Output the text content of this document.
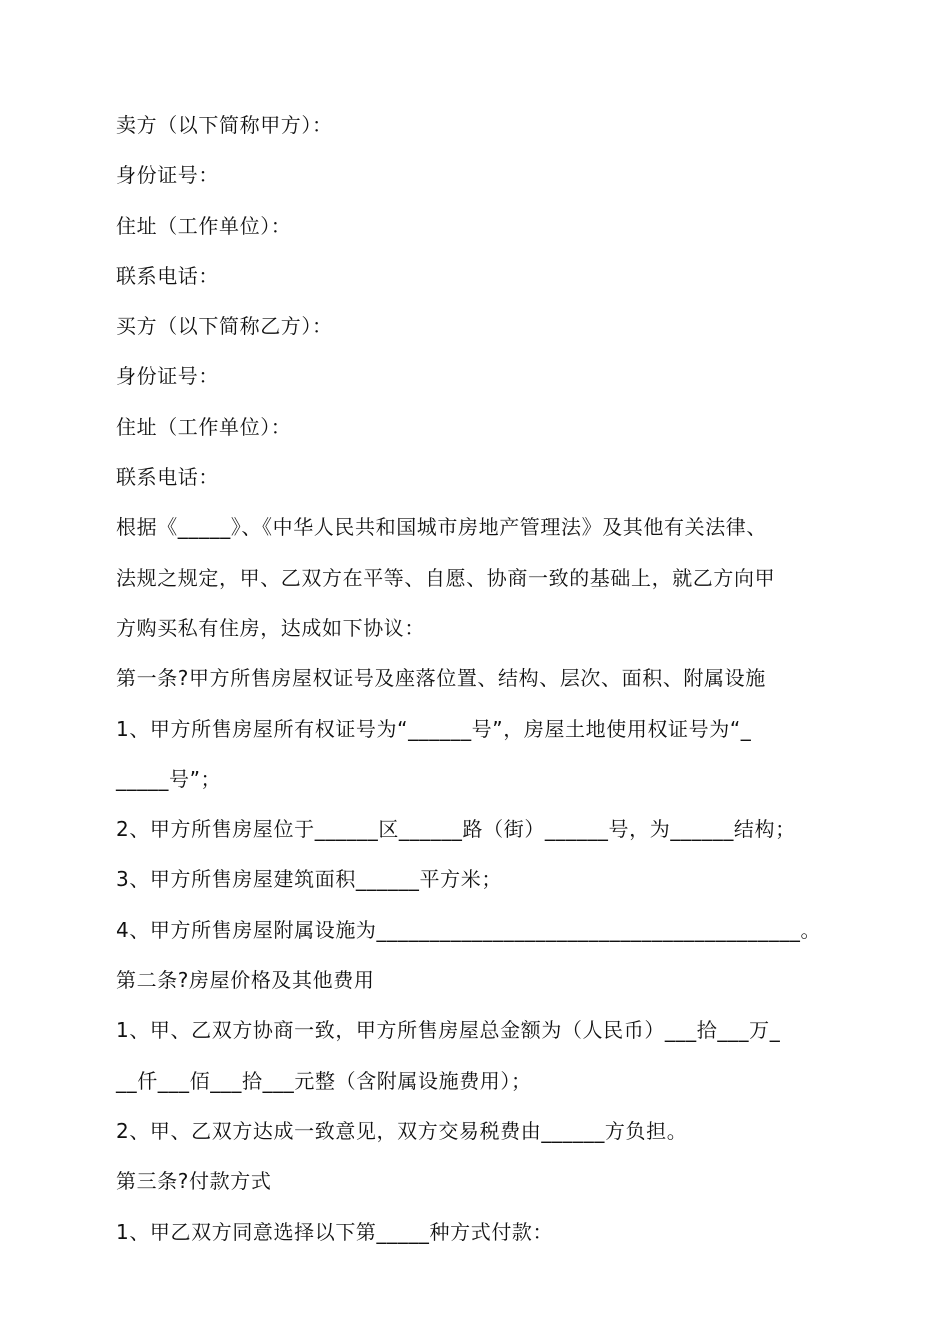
卖方（以下简称甲方）：
身份证号：
住址（工作单位）：
联系电话：
买方（以下简称乙方）：
身份证号：
住址（工作单位）：
联系电话：
根据《_____》、《中华人民共和国城市房地产管理法》及其他有关法律、
法规之规定，甲、乙双方在平等、自愿、协商一致的基础上，就乙方向甲
方购买私有住房，达成如下协议：
第一条?甲方所售房屋权证号及座落位置、结构、层次、面积、附属设施
1、甲方所售房屋所有权证号为“______号”，房屋土地使用权证号为“_
_____号”；
2、甲方所售房屋位于______区______路（街）______号，为______结构；
3、甲方所售房屋建筑面积______平方米；
4、甲方所售房屋附属设施为________________________________________。
第二条?房屋价格及其他费用
1、甲、乙双方协商一致，甲方所售房屋总金额为（人民币）___拾___万_
__仟___佰___拾___元整（含附属设施费用）；
2、甲、乙双方达成一致意见，双方交易税费由______方负担。
第三条?付款方式
1、甲乙双方同意选择以下第_____种方式付款：
